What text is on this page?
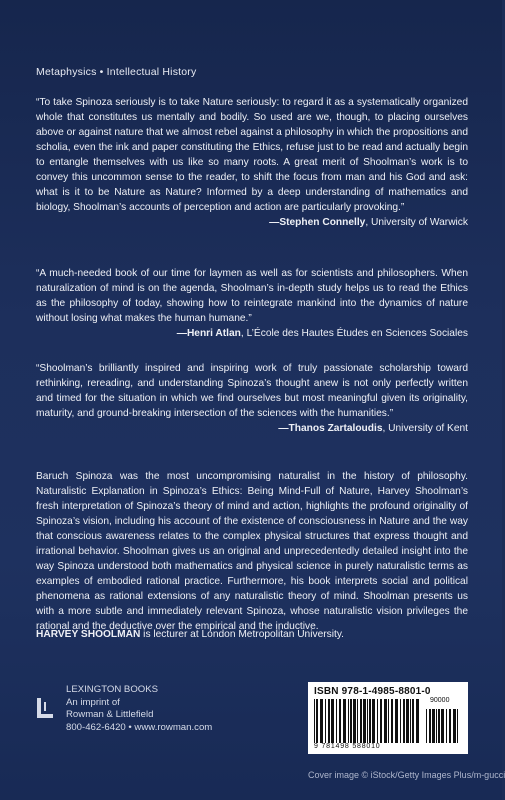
Metaphysics • Intellectual History
“To take Spinoza seriously is to take Nature seriously: to regard it as a systematically organized whole that constitutes us mentally and bodily. So used are we, though, to placing ourselves above or against nature that we almost rebel against a philosophy in which the propositions and scholia, even the ink and paper constituting the Ethics, refuse just to be read and actually begin to entangle themselves with us like so many roots. A great merit of Shoolman’s work is to convey this uncommon sense to the reader, to shift the focus from man and his God and ask: what is it to be Nature as Nature? Informed by a deep understanding of mathematics and biology, Shoolman’s accounts of perception and action are particularly provoking.”
—Stephen Connelly, University of Warwick
“A much-needed book of our time for laymen as well as for scientists and philosophers. When naturalization of mind is on the agenda, Shoolman’s in-depth study helps us to read the Ethics as the philosophy of today, showing how to reintegrate mankind into the dynamics of nature without losing what makes the human humane.”
—Henri Atlan, L’École des Hautes Études en Sciences Sociales
“Shoolman’s brilliantly inspired and inspiring work of truly passionate scholarship toward rethinking, rereading, and understanding Spinoza’s thought anew is not only perfectly written and timed for the situation in which we find ourselves but most meaningful given its originality, maturity, and ground-breaking intersection of the sciences with the humanities.”
—Thanos Zartaloudis, University of Kent
Baruch Spinoza was the most uncompromising naturalist in the history of philosophy. Naturalistic Explanation in Spinoza’s Ethics: Being Mind-Full of Nature, Harvey Shoolman’s fresh interpretation of Spinoza’s theory of mind and action, highlights the profound originality of Spinoza’s vision, including his account of the existence of consciousness in Nature and the way that conscious awareness relates to the complex physical structures that express thought and irrational behavior. Shoolman gives us an original and unprecedentedly detailed insight into the way Spinoza understood both mathematics and physical science in purely naturalistic terms as examples of embodied rational practice. Furthermore, his book interprets social and political phenomena as rational extensions of any naturalistic theory of mind. Shoolman presents us with a more subtle and immediately relevant Spinoza, whose naturalistic vision privileges the rational and the deductive over the empirical and the inductive.
HARVEY SHOOLMAN is lecturer at London Metropolitan University.
LEXINGTON BOOKS
An imprint of
Rowman & Littlefield
800-462-6420 • www.rowman.com
ISBN 978-1-4985-8801-0
90000
9 781498 588010
Cover image © iStock/Getty Images Plus/m-gucci
